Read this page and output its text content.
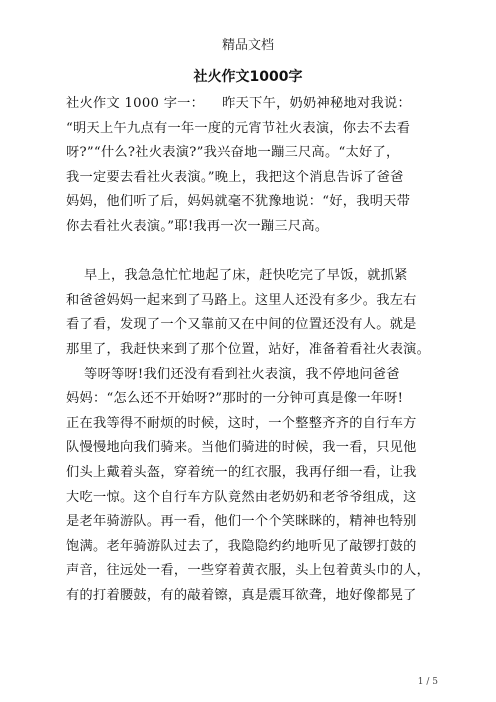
精品文档
社火作文1000字
社火作文 1000 字一：    昨天下午，奶奶神秘地对我说：
“明天上午九点有一年一度的元宵节社火表演，你去不去看
呀?”“什么?社火表演?”我兴奋地一蹦三尺高。“太好了，
我一定要去看社火表演。”晚上，我把这个消息告诉了爸爸
妈妈，他们听了后，妈妈就毫不犹豫地说：“好，我明天带
你去看社火表演。”耶!我再一次一蹦三尺高。
早上，我急急忙忙地起了床，赶快吃完了早饭，就抓紧
和爸爸妈妈一起来到了马路上。这里人还没有多少。我左右
看了看，发现了一个又靠前又在中间的位置还没有人。就是
那里了，我赶快来到了那个位置，站好，准备着看社火表演。
等呀等呀!我们还没有看到社火表演，我不停地问爸爸
妈妈：“怎么还不开始呀?”那时的一分钟可真是像一年呀!
正在我等得不耐烦的时候，这时，一个整整齐齐的自行车方
队慢慢地向我们骑来。当他们骑进的时候，我一看，只见他
们头上戴着头盔，穿着统一的红衣服，我再仔细一看，让我
大吃一惊。这个自行车方队竟然由老奶奶和老爷爷组成，这
是老年骑游队。再一看，他们一个个笑眯眯的，精神也特别
饱满。老年骑游队过去了，我隐隐约约地听见了敲锣打鼓的
声音，往远处一看，一些穿着黄衣服，头上包着黄头巾的人，
有的打着腰鼓，有的敲着镲，真是震耳欲聋，地好像都晃了
1 / 5
